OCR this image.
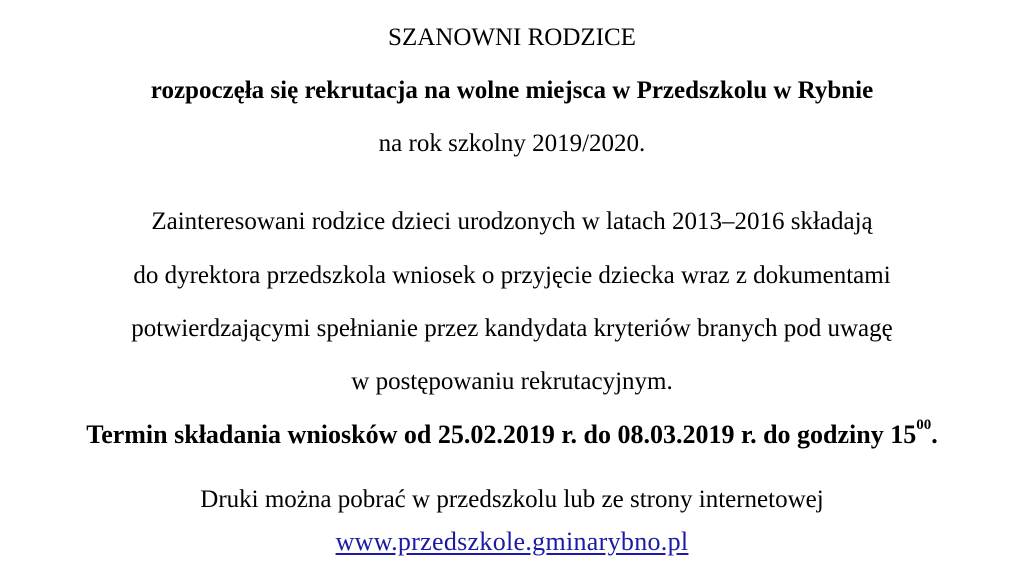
SZANOWNI RODZICE
rozpoczęła się rekrutacja na wolne miejsca w Przedszkolu w Rybnie
na rok szkolny 2019/2020.
Zainteresowani rodzice dzieci urodzonych w latach 2013–2016 składają
do dyrektora przedszkola wniosek o przyjęcie dziecka wraz z dokumentami
potwierdzającymi spełnianie przez kandydata kryteriów branych pod uwagę
w postępowaniu rekrutacyjnym.
Termin składania wniosków od 25.02.2019 r. do 08.03.2019 r. do godziny $15^{00}$.
Druki można pobrać w przedszkolu lub ze strony internetowej
www.przedszkole.gminarybno.pl
